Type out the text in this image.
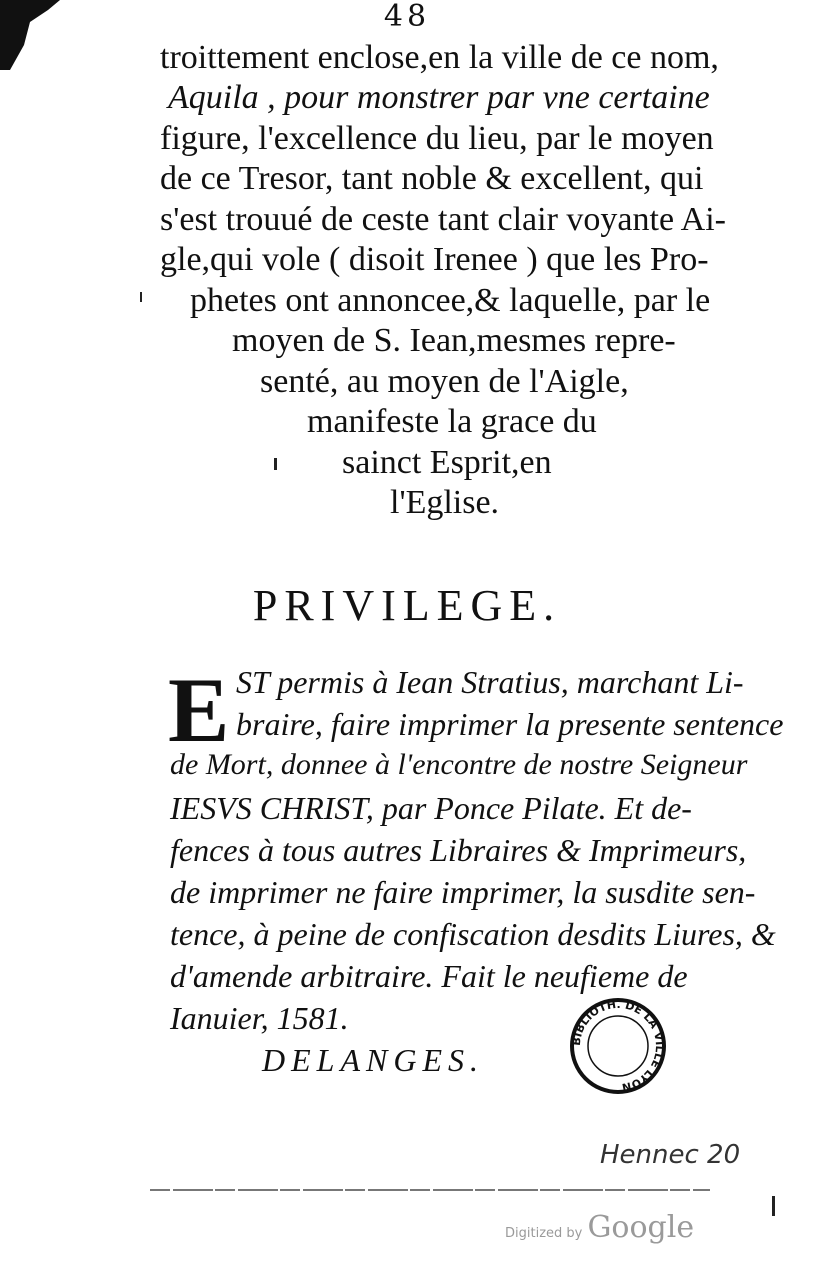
48
troittement enclose,en la ville de ce nom,
Aquila , pour monstrer par vne certaine
figure, l'excellence du lieu, par le moyen
de ce Tresor, tant noble & excellent, qui
s'est trouué de ceste tant clair voyante Ai-
gle,qui vole ( disoit Irenee ) que les Pro-
phetes ont annoncee,& laquelle, par le
moyen de S. Iean,mesmes repre-
senté, au moyen de l'Aigle,
manifeste la grace du
sainct Esprit,en
l'Eglise.
PRIVILEGE.
E ST permis à Iean Stratius, marchant Li-
braire, faire imprimer la presente sentence
de Mort, donnee à l'encontre de nostre Seigneur
IESVS CHRIST, par Ponce Pilate. Et de-
fences à tous autres Libraires & Imprimeurs,
de imprimer ne faire imprimer, la susdite sen-
tence, à peine de confiscation desdits Liures, &
d'amende arbitraire. Fait le neufieme de
Ianuier, 1581.
DELANGES.
BIBLIOTH. DE LA VILLE LYON
Hennec 20
Digitized by Google
